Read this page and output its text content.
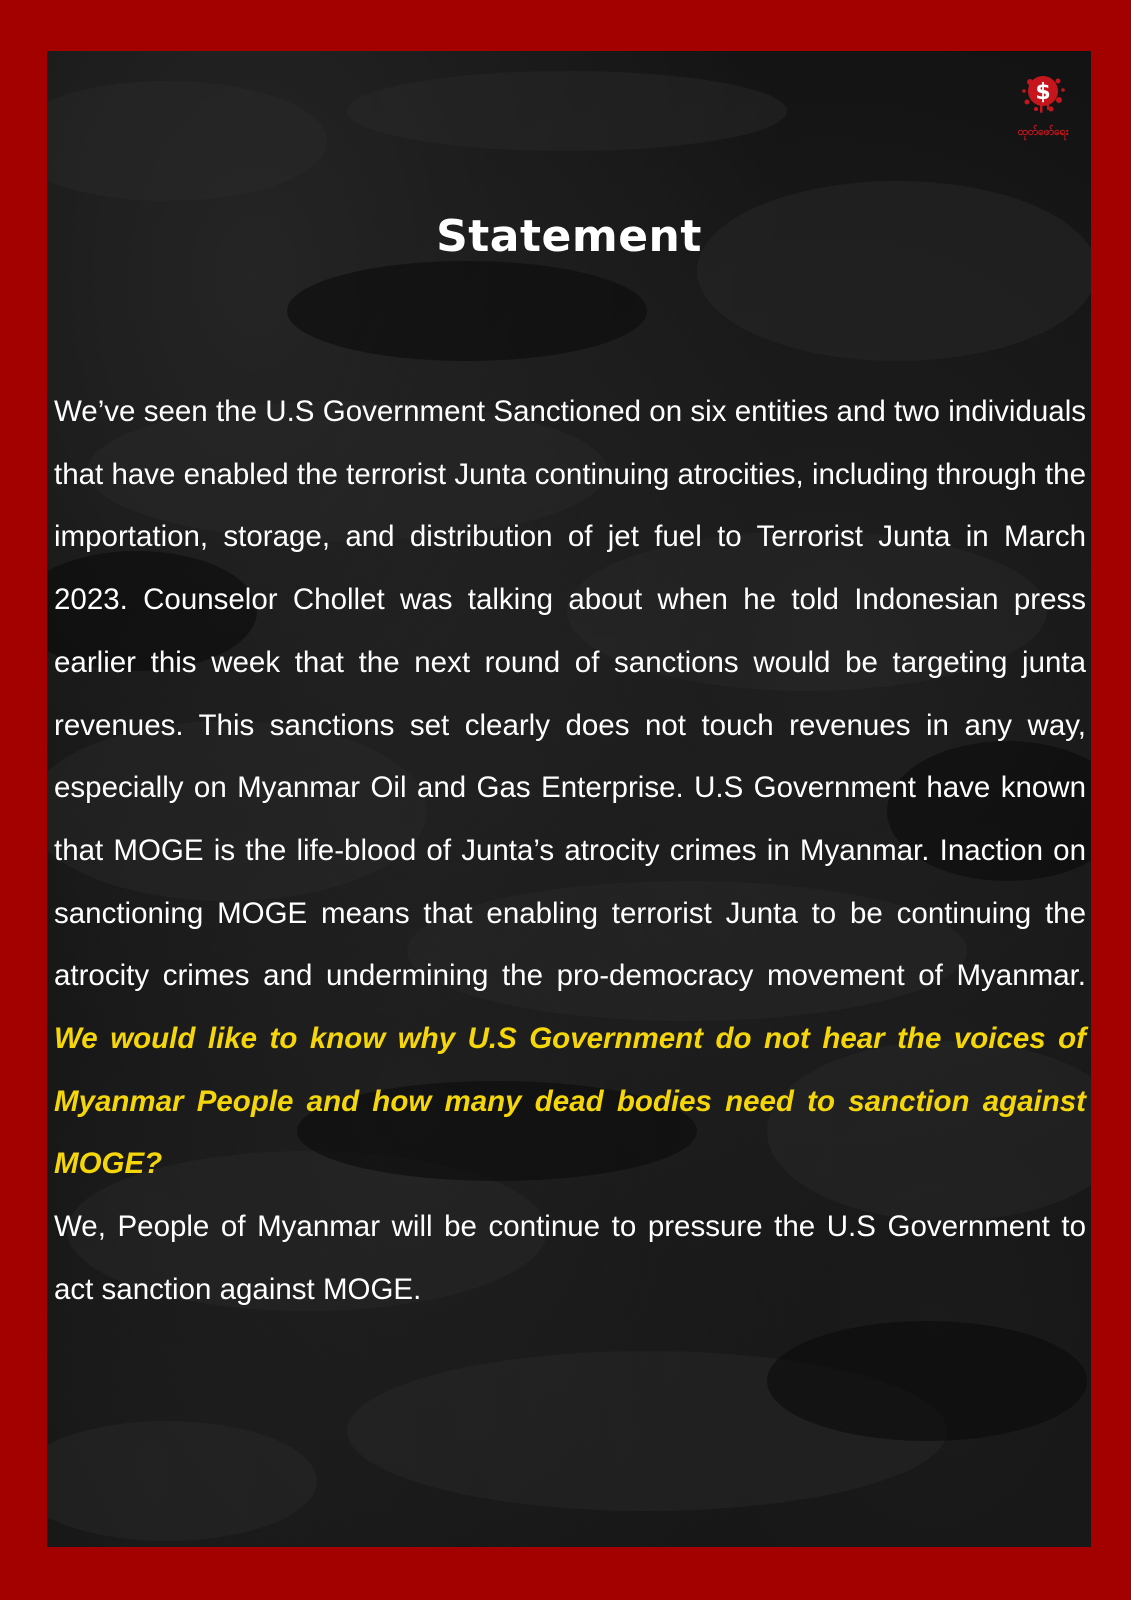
$
ထုတ်ဖော်ရေး
Statement

We’ve seen the U.S Government Sanctioned on six entities and two individuals that have enabled the terrorist Junta continuing atrocities, including through the importation, storage, and distribution of jet fuel to Terrorist Junta in March 2023. Counselor Chollet was talking about when he told Indonesian press earlier this week that the next round of sanctions would be targeting junta revenues. This sanctions set clearly does not touch revenues in any way, especially on Myanmar Oil and Gas Enterprise. U.S Government have known that MOGE is the life-blood of Junta’s atrocity crimes in Myanmar. Inaction on sanctioning MOGE means that enabling terrorist Junta to be continuing the atrocity crimes and undermining the pro-democracy movement of Myanmar. We would like to know why U.S Government do not hear the voices of Myanmar People and how many dead bodies need to sanction against MOGE?

We, People of Myanmar will be continue to pressure the U.S Government to act sanction against MOGE.
